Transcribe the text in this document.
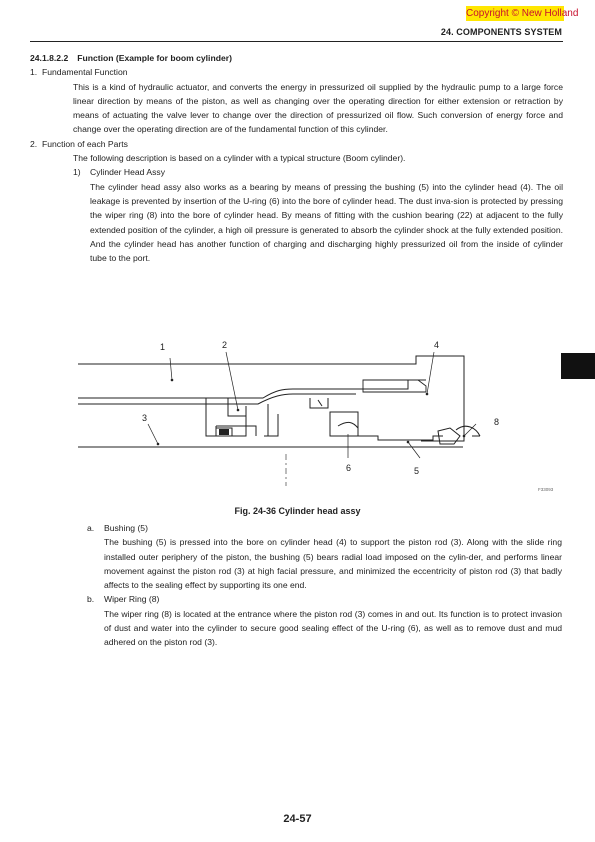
Copyright © New Holland
24. COMPONENTS SYSTEM

24.1.8.2.2 Function (Example for boom cylinder)

1. Fundamental Function

This is a kind of hydraulic actuator, and converts the energy in pressurized oil supplied by the hydraulic pump to a large force linear direction by means of the piston, as well as changing over the operating direction for either extension or retraction by means of actuating the valve lever to change over the direction of pressurized oil flow. Such conversion of energy force and change over the operating direction are of the fundamental function of this cylinder.

2. Function of each Parts

The following description is based on a cylinder with a typical structure (Boom cylinder).

1) Cylinder Head Assy

The cylinder head assy also works as a bearing by means of pressing the bushing (5) into the cylinder head (4). The oil leakage is prevented by insertion of the U-ring (6) into the bore of cylinder head. The dust inva-sion is protected by pressing the wiper ring (8) into the bore of cylinder head. By means of fitting with the cushion bearing (22) at adjacent to the fully extended position of the cylinder, a high oil pressure is generated to absorb the cylinder shock at the fully extended position. And the cylinder head has another function of charging and discharging highly pressurized oil from the inside of cylinder tube to the port.

1	2
3
4
5
6
8
F33093
Fig. 24-36 Cylinder head assy

a. Bushing (5)

The bushing (5) is pressed into the bore on cylinder head (4) to support the piston rod (3). Along with the slide ring installed outer periphery of the piston, the bushing (5) bears radial load imposed on the cylin-der, and performs linear movement against the piston rod (3) at high facial pressure, and minimized the eccentricity of piston rod (3) that badly affects to the sealing effect by supporting its one end.

b. Wiper Ring (8)

The wiper ring (8) is located at the entrance where the piston rod (3) comes in and out. Its function is to protect invasion of dust and water into the cylinder to secure good sealing effect of the U-ring (6), as well as to remove dust and mud adhered on the piston rod (3).

24-57
